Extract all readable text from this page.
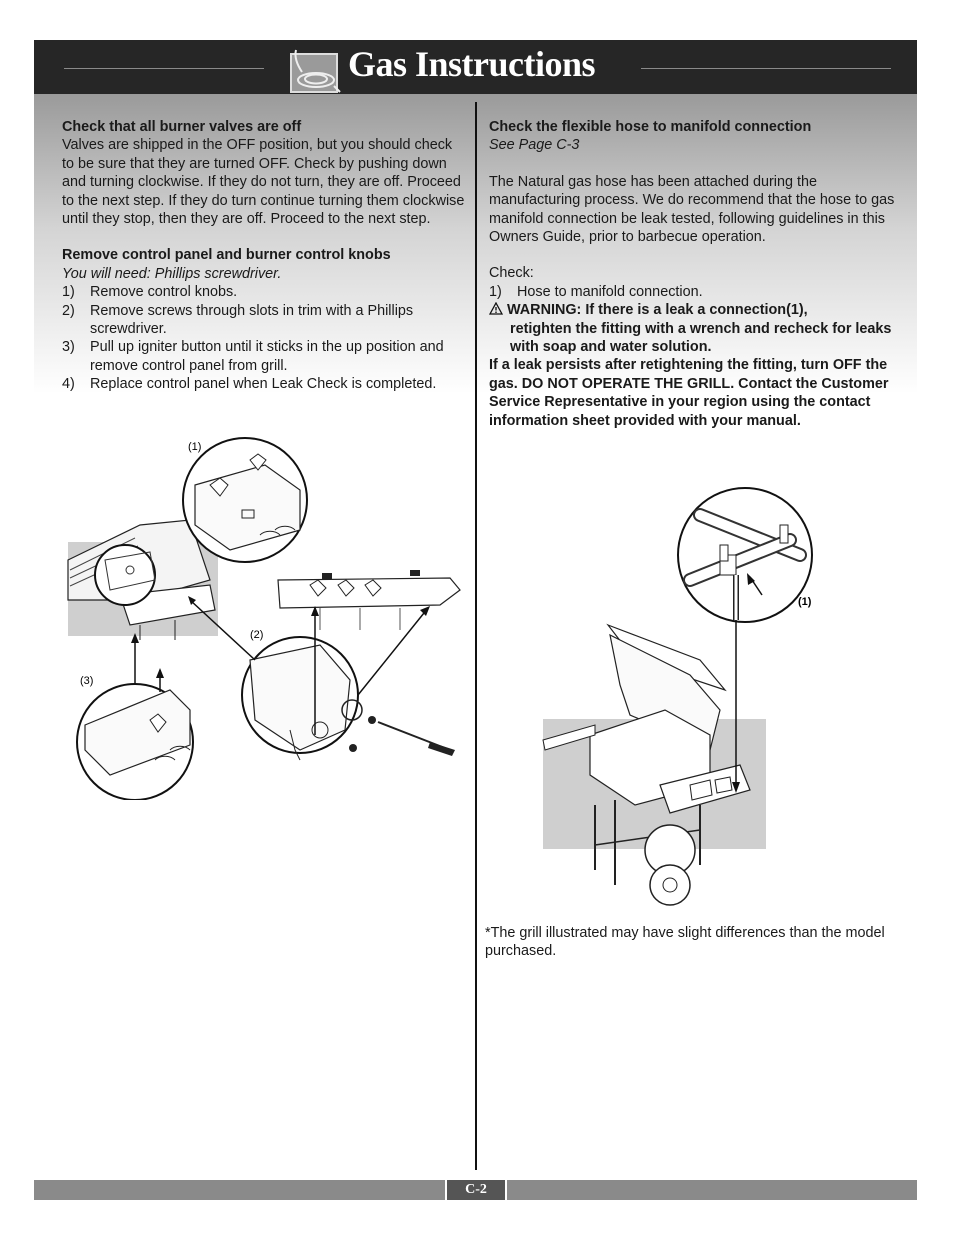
Gas Instructions
Check that all burner valves are off
Valves are shipped in the OFF position, but you should check to be sure that they are turned OFF. Check by pushing down and turning clockwise. If they do not turn, they are off. Proceed to the next step. If they do turn continue turning them clockwise until they stop, then they are off. Proceed to the next step.
Remove control panel and burner control knobs
You will need: Phillips screwdriver.
1)	Remove control knobs.
2)	Remove screws through slots in trim with a Phillips screwdriver.
3)	Pull up igniter button until it sticks in the up position and remove control panel from grill.
4)	Replace control panel when Leak Check is completed.
(1)
(2)
(3)
Check the flexible hose to manifold connection
See Page C-3
The Natural gas hose has been attached during the manufacturing process. We do recommend that the hose to gas manifold connection be leak tested, following guidelines in this Owners Guide, prior to barbecue operation.
Check:
1)	Hose to manifold connection.
WARNING: If there is a leak a connection(1),
retighten the fitting with a wrench and recheck for leaks with soap and water solution.
If a leak persists after retightening the fitting, turn OFF the gas. DO NOT OPERATE THE GRILL. Contact the Customer Service Representative in your region using the contact information sheet provided with your manual.
(1)
*The grill illustrated may have slight differences than the model purchased.
C-2
